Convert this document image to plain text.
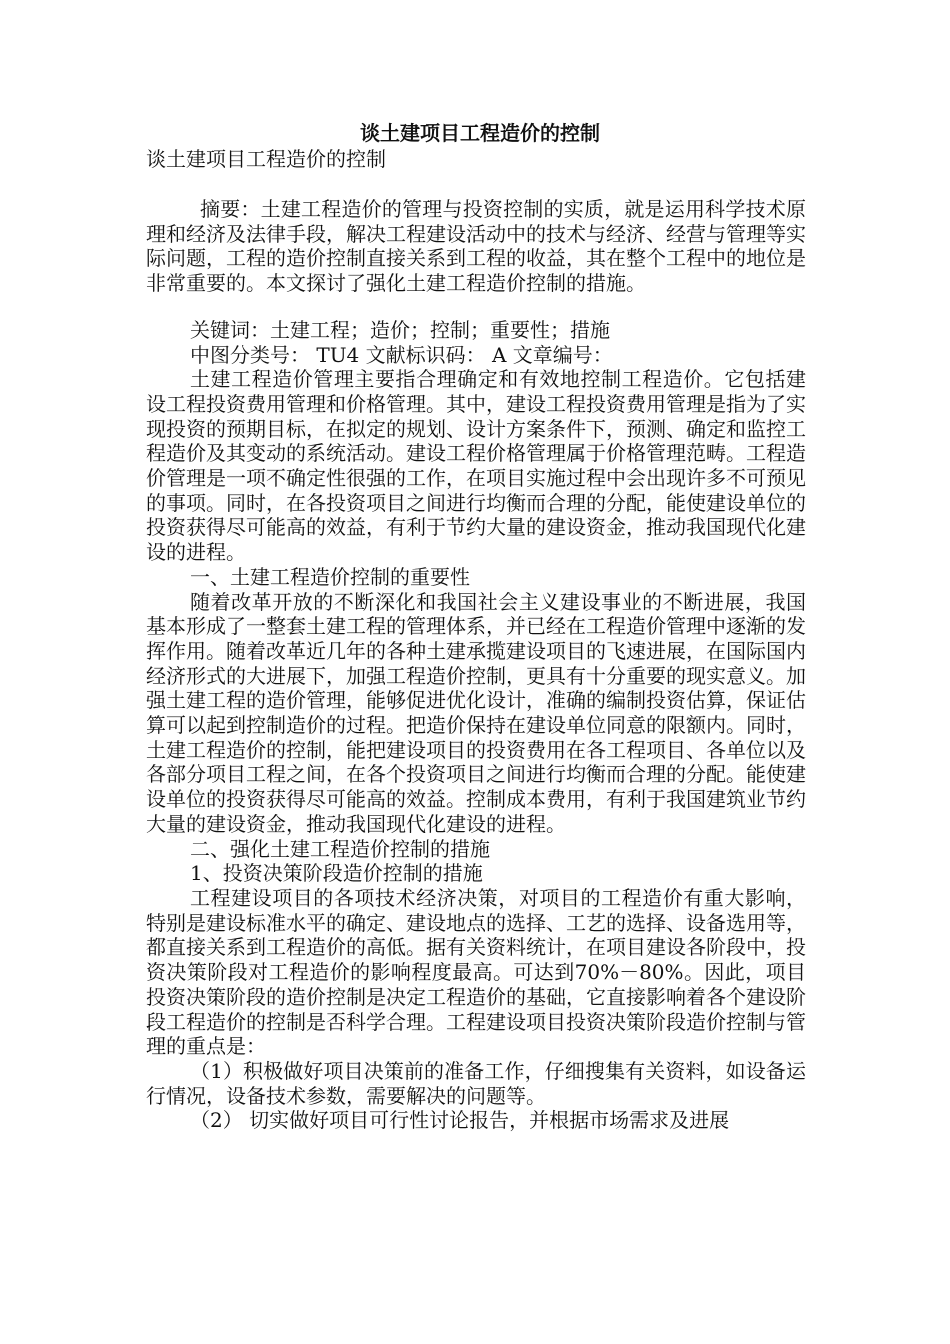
谈土建项目工程造价的控制

谈土建项目工程造价的控制

摘要：土建工程造价的管理与投资控制的实质，就是运用科学技术原理和经济及法律手段，解决工程建设活动中的技术与经济、经营与管理等实际问题，工程的造价控制直接关系到工程的收益，其在整个工程中的地位是非常重要的。本文探讨了强化土建工程造价控制的措施。

关键词：土建工程；造价；控制；重要性；措施

中图分类号： TU4 文献标识码： A 文章编号：

土建工程造价管理主要指合理确定和有效地控制工程造价。它包括建设工程投资费用管理和价格管理。其中，建设工程投资费用管理是指为了实现投资的预期目标，在拟定的规划、设计方案条件下，预测、确定和监控工程造价及其变动的系统活动。建设工程价格管理属于价格管理范畴。工程造价管理是一项不确定性很强的工作，在项目实施过程中会出现许多不可预见的事项。同时，在各投资项目之间进行均衡而合理的分配，能使建设单位的投资获得尽可能高的效益，有利于节约大量的建设资金，推动我国现代化建设的进程。

一、土建工程造价控制的重要性

随着改革开放的不断深化和我国社会主义建设事业的不断进展，我国基本形成了一整套土建工程的管理体系，并已经在工程造价管理中逐渐的发挥作用。随着改革近几年的各种土建承揽建设项目的飞速进展，在国际国内经济形式的大进展下，加强工程造价控制，更具有十分重要的现实意义。加强土建工程的造价管理，能够促进优化设计，准确的编制投资估算，保证估算可以起到控制造价的过程。把造价保持在建设单位同意的限额内。同时，土建工程造价的控制，能把建设项目的投资费用在各工程项目、各单位以及各部分项目工程之间，在各个投资项目之间进行均衡而合理的分配。能使建设单位的投资获得尽可能高的效益。控制成本费用，有利于我国建筑业节约大量的建设资金，推动我国现代化建设的进程。

二、强化土建工程造价控制的措施

1、投资决策阶段造价控制的措施

工程建设项目的各项技术经济决策，对项目的工程造价有重大影响，特别是建设标准水平的确定、建设地点的选择、工艺的选择、设备选用等，都直接关系到工程造价的高低。据有关资料统计，在项目建设各阶段中，投资决策阶段对工程造价的影响程度最高。可达到70%－80%。因此，项目投资决策阶段的造价控制是决定工程造价的基础，它直接影响着各个建设阶段工程造价的控制是否科学合理。工程建设项目投资决策阶段造价控制与管理的重点是：

（1）积极做好项目决策前的准备工作，仔细搜集有关资料，如设备运行情况，设备技术参数，需要解决的问题等。

（2） 切实做好项目可行性讨论报告，并根据市场需求及进展
